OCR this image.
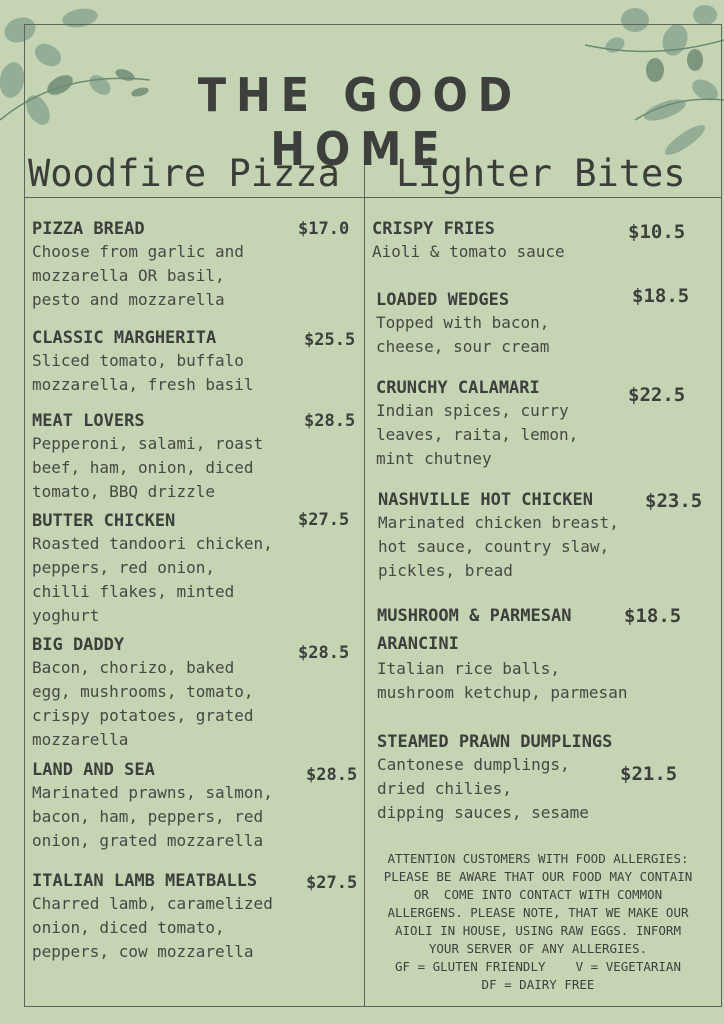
THE GOOD HOME
Woodfire Pizza Lighter Bites
PIZZA BREAD
Choose from garlic and
mozzarella OR basil,
pesto and mozzarella
$17.0
CLASSIC MARGHERITA
Sliced tomato, buffalo
mozzarella, fresh basil
$25.5
MEAT LOVERS
Pepperoni, salami, roast
beef, ham, onion, diced
tomato, BBQ drizzle
$28.5
BUTTER CHICKEN
Roasted tandoori chicken,
peppers, red onion,
chilli flakes, minted
yoghurt
$27.5
BIG DADDY
Bacon, chorizo, baked
egg, mushrooms, tomato,
crispy potatoes, grated
mozzarella
$28.5
LAND AND SEA
Marinated prawns, salmon,
bacon, ham, peppers, red
onion, grated mozzarella
$28.5
ITALIAN LAMB MEATBALLS
Charred lamb, caramelized
onion, diced tomato,
peppers, cow mozzarella
$27.5
CRISPY FRIES
Aioli & tomato sauce
$10.5
LOADED WEDGES
Topped with bacon,
cheese, sour cream
$18.5
CRUNCHY CALAMARI
Indian spices, curry
leaves, raita, lemon,
mint chutney
$22.5
NASHVILLE HOT CHICKEN
Marinated chicken breast,
hot sauce, country slaw,
pickles, bread
$23.5
MUSHROOM & PARMESAN
ARANCINI
Italian rice balls,
mushroom ketchup, parmesan
$18.5
STEAMED PRAWN DUMPLINGS
Cantonese dumplings,
dried chilies,
dipping sauces, sesame
$21.5
ATTENTION CUSTOMERS WITH FOOD ALLERGIES:
PLEASE BE AWARE THAT OUR FOOD MAY CONTAIN
OR  COME INTO CONTACT WITH COMMON
ALLERGENS. PLEASE NOTE, THAT WE MAKE OUR
AIOLI IN HOUSE, USING RAW EGGS. INFORM
YOUR SERVER OF ANY ALLERGIES.
GF = GLUTEN FRIENDLY    V = VEGETARIAN
DF = DAIRY FREE
